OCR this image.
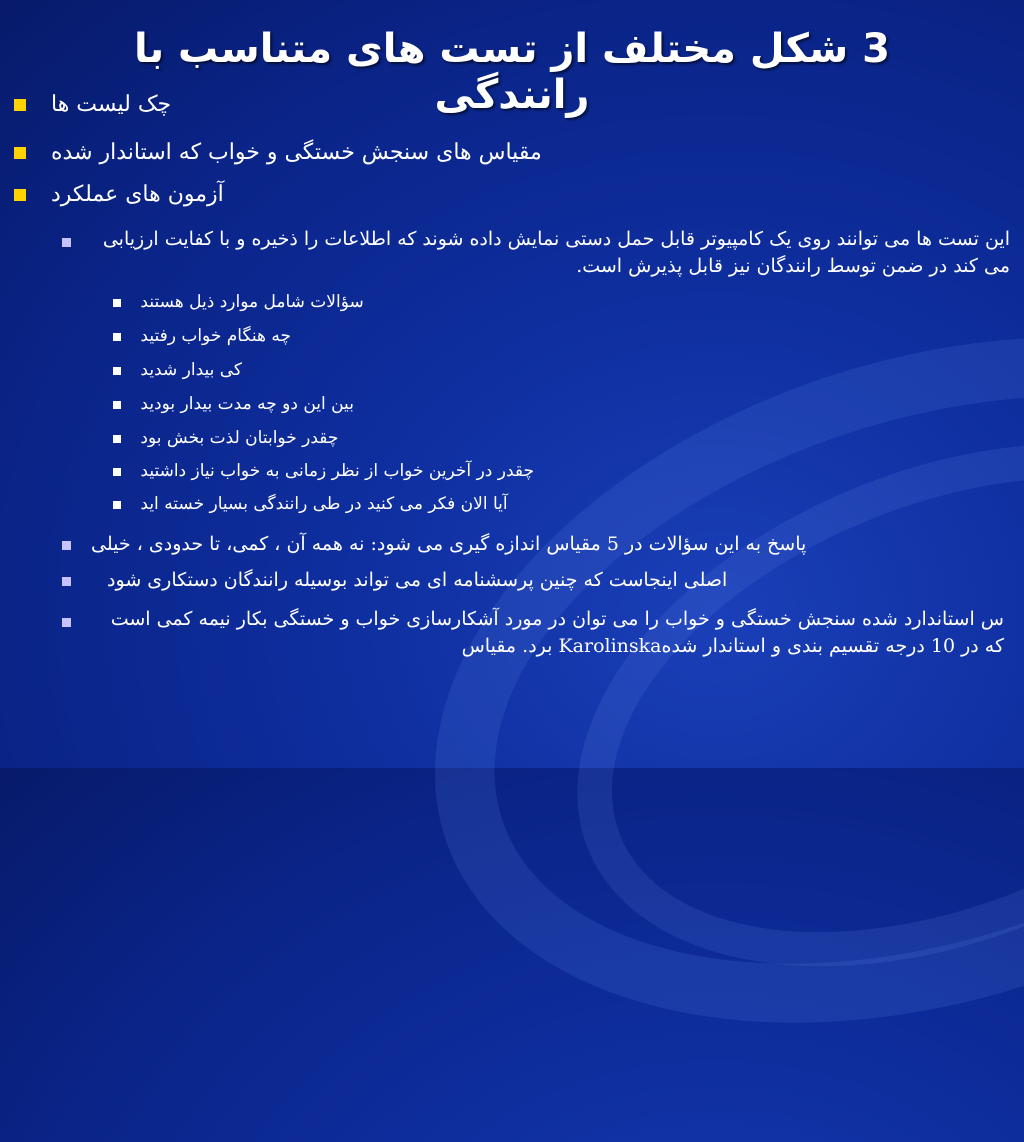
3 شکل مختلف از تست های متناسب با رانندگی
چک لیست ها
مقیاس های سنجش خستگی و خواب که استاندار شده
آزمون های عملکرد
این تست ها می توانند روی یک کامپیوتر قابل حمل دستی نمایش داده شوند که اطلاعات را ذخیره و با کفایت ارزیابی می کند در ضمن توسط رانندگان نیز قابل پذیرش است.
سؤالات شامل موارد ذیل هستند
چه هنگام خواب رفتید
کی بیدار شدید
بین این دو چه مدت بیدار بودید
چقدر خوابتان لذت بخش بود
چقدر در آخرین خواب از نظر زمانی به خواب نیاز داشتید
آیا الان فکر می کنید در طی رانندگی بسیار خسته اید
پاسخ به این سؤالات در 5 مقیاس اندازه گیری می شود: نه همه آن ، کمی، تا حدودی ، خیلی
اصلی اینجاست که چنین پرسشنامه ای می تواند بوسیله رانندگان دستکاری شود
س استاندارد شده سنجش خستگی و خواب را می توان در مورد آشکارسازی خواب و خستگی بکار نیمه کمی است که در 10 درجه تقسیم بندی و استاندار شدهKarolinska برد. مقیاس
